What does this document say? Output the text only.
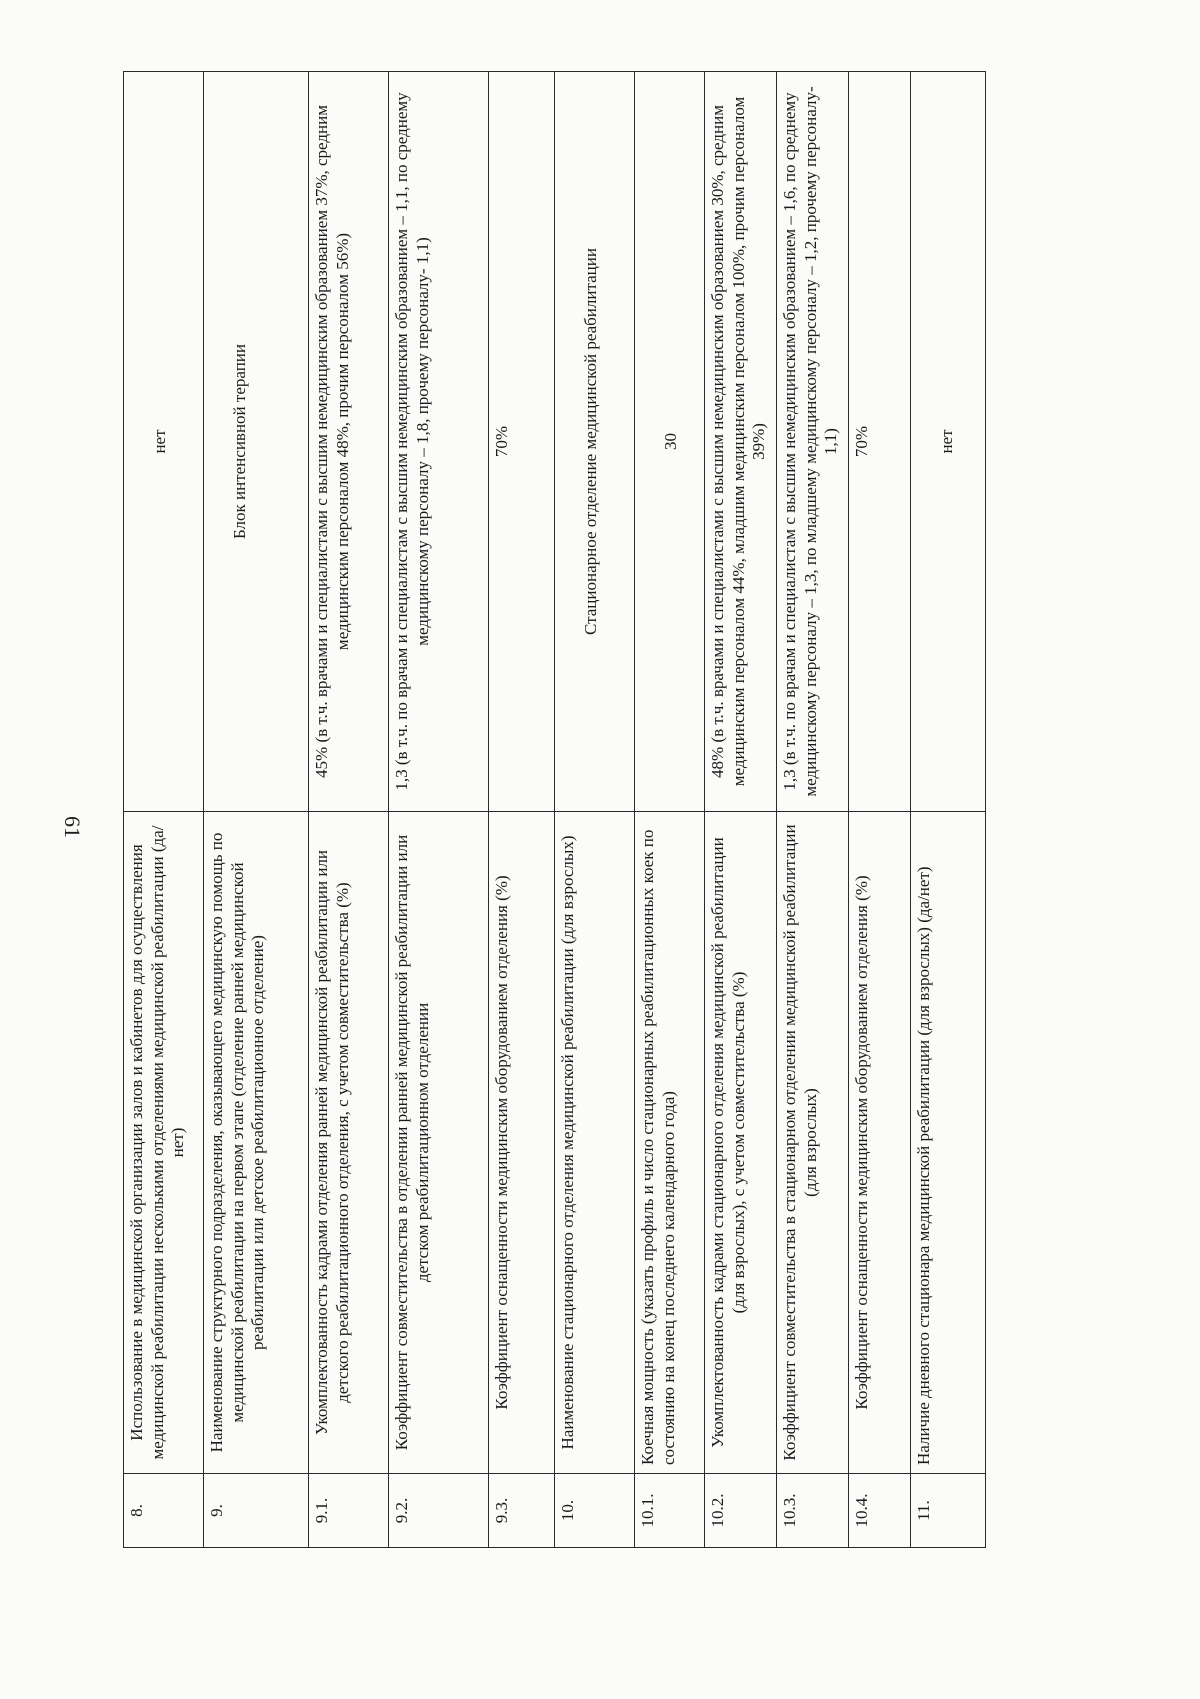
61
8.	Использование в медицинской организации залов и кабинетов для осуществления медицинской реабилитации несколькими отделениями медицинской реабилитации (да/нет)	нет
9.	Наименование структурного подразделения, оказывающего медицинскую помощь по медицинской реабилитации на первом этапе (отделение ранней медицинской реабилитации или детское реабилитационное отделение)	Блок интенсивной терапии
9.1.	Укомплектованность кадрами отделения ранней медицинской реабилитации или детского реабилитационного отделения, с учетом совместительства (%)	45% (в т.ч. врачами и специалистами с высшим немедицинским образованием 37%, средним медицинским персоналом 48%, прочим персоналом 56%)
9.2.	Коэффициент совместительства в отделении ранней медицинской реабилитации или детском реабилитационном отделении	1,3 (в т.ч. по врачам и специалистам с высшим немедицинским образованием – 1,1, по среднему медицинскому персоналу – 1,8, прочему персоналу- 1,1)
9.3.	Коэффициент оснащенности медицинским оборудованием отделения (%)	70%
10.	Наименование стационарного отделения медицинской реабилитации (для взрослых)	Стационарное отделение медицинской реабилитации
10.1.	Коечная мощность (указать профиль и число стационарных реабилитационных коек по состоянию на конец последнего календарного года)	30
10.2.	Укомплектованность кадрами стационарного отделения медицинской реабилитации (для взрослых), с учетом совместительства (%)	48% (в т.ч. врачами и специалистами с высшим немедицинским образованием 30%, средним медицинским персоналом 44%, младшим медицинским персоналом 100%, прочим персоналом 39%)
10.3.	Коэффициент совместительства в стационарном отделении медицинской реабилитации (для взрослых)	1,3 (в т.ч. по врачам и специалистам с высшим немедицинским образованием – 1,6, по среднему медицинскому персоналу – 1,3, по младшему медицинскому персоналу – 1,2, прочему персоналу- 1,1)
10.4.	Коэффициент оснащенности медицинским оборудованием отделения (%)	70%
11.	Наличие дневного стационара медицинской реабилитации (для взрослых) (да/нет)	нет
